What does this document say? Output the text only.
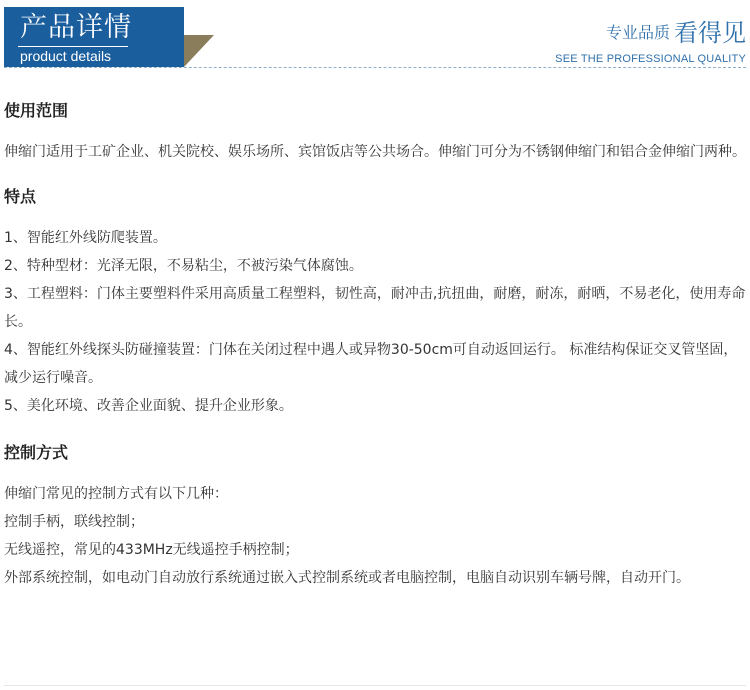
产品详情
product details
专业品质 看得见
SEE THE PROFESSIONAL QUALITY
使用范围

伸缩门适用于工矿企业、机关院校、娱乐场所、宾馆饭店等公共场合。伸缩门可分为不锈钢伸缩门和铝合金伸缩门两种。

特点

1、智能红外线防爬装置。

2、特种型材：光泽无限，不易粘尘，不被污染气体腐蚀。

3、工程塑料：门体主要塑料件采用高质量工程塑料，韧性高，耐冲击,抗扭曲，耐磨，耐冻，耐晒，不易老化，使用寿命长。

4、智能红外线探头防碰撞装置：门体在关闭过程中遇人或异物30-50cm可自动返回运行。 标准结构保证交叉管坚固，减少运行噪音。

5、美化环境、改善企业面貌、提升企业形象。

控制方式

伸缩门常见的控制方式有以下几种：

控制手柄，联线控制；

无线遥控，常见的433MHz无线遥控手柄控制；

外部系统控制，如电动门自动放行系统通过嵌入式控制系统或者电脑控制，电脑自动识别车辆号牌，自动开门。
